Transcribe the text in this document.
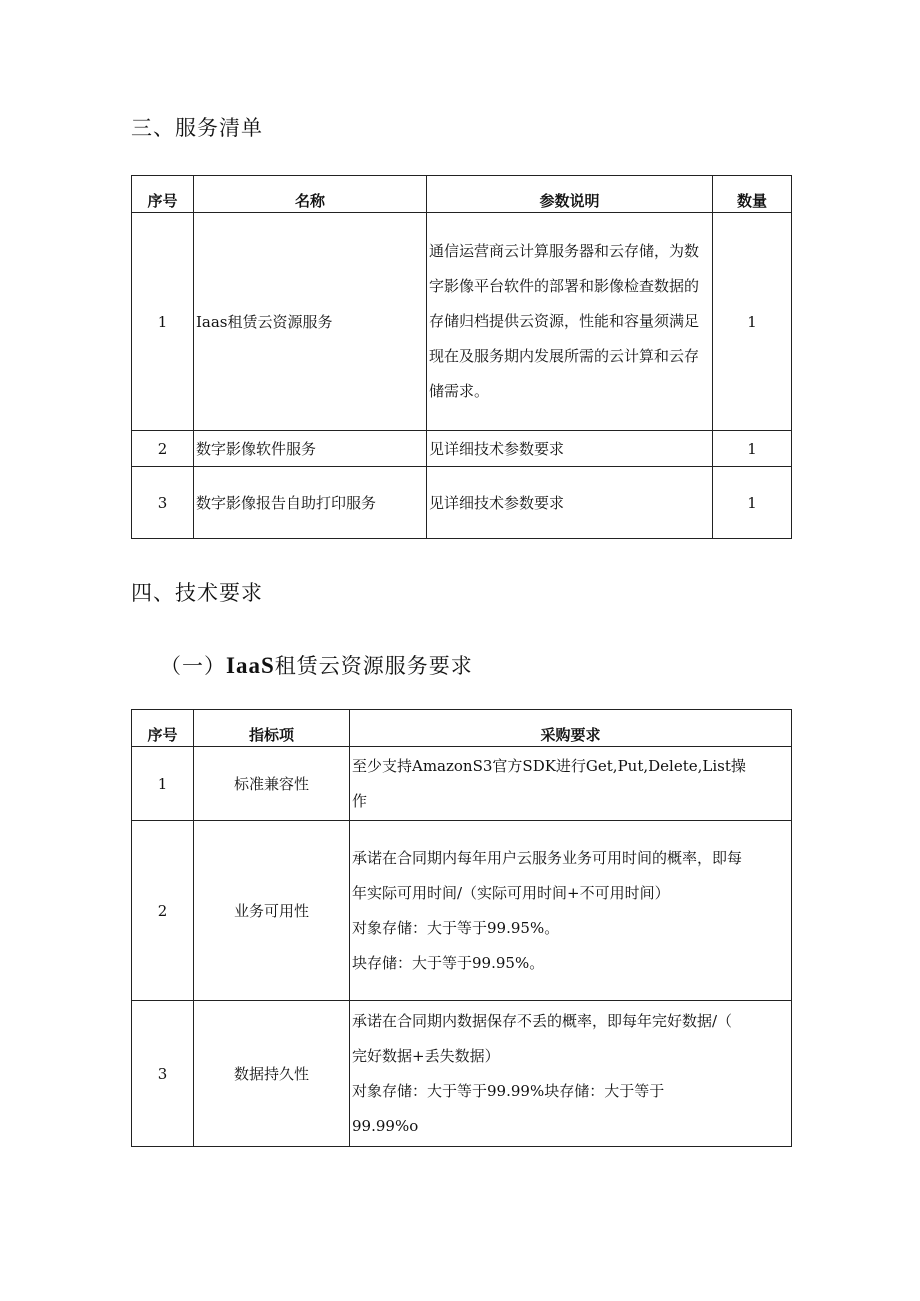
三、服务清单
序号	名称	参数说明	数量
1	Iaas租赁云资源服务	通信运营商云计算服务器和云存储，为数字影像平台软件的部署和影像检查数据的存储归档提供云资源，性能和容量须满足现在及服务期内发展所需的云计算和云存储需求。	1
2	数字影像软件服务	见详细技术参数要求	1
3	数字影像报告自助打印服务	见详细技术参数要求	1
四、技术要求
（一）IaaS租赁云资源服务要求
序号	指标项	采购要求
1	标准兼容性	至少支持AmazonS3官方SDK进行Get,Put,Delete,List操
作

2	业务可用性	承诺在合同期内每年用户云服务业务可用时间的概率，即每
年实际可用时间/（实际可用时间+不可用时间）
对象存储：大于等于99.95%。
块存储：大于等于99.95%。

3	数据持久性	承诺在合同期内数据保存不丢的概率，即每年完好数据/（
完好数据+丢失数据）
对象存储：大于等于99.99%块存储：大于等于
99.99%o
